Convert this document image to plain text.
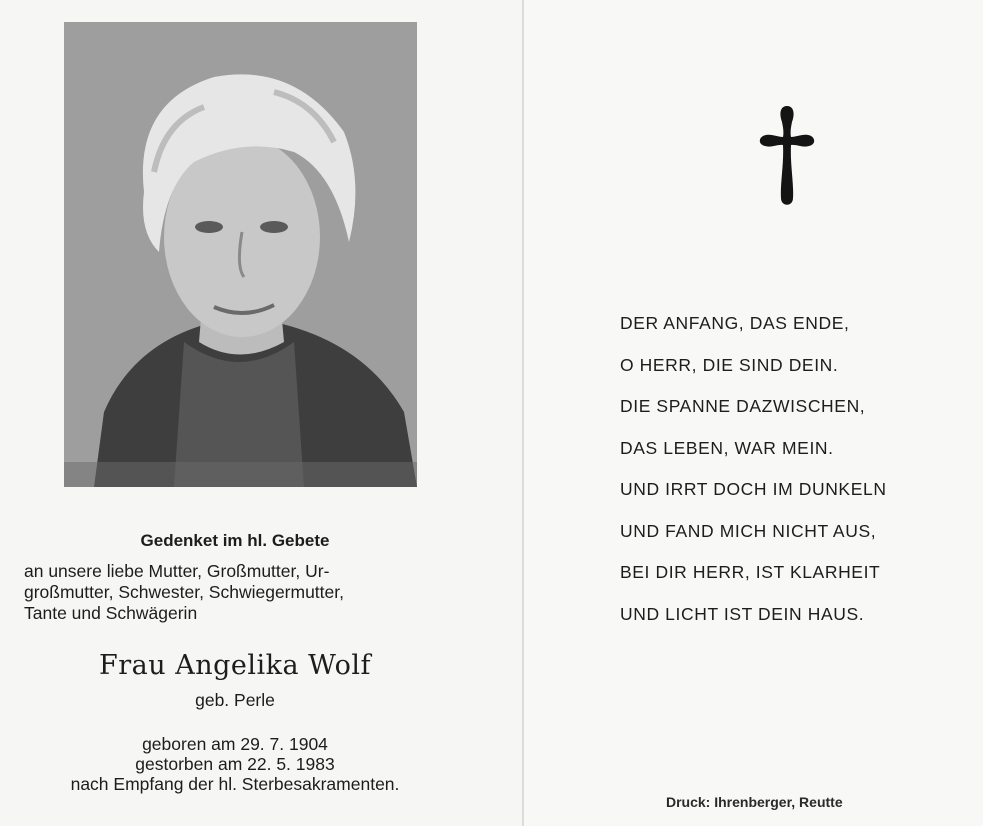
Gedenket im hl. Gebete
an unsere liebe Mutter, Großmutter, Ur-
großmutter, Schwester, Schwiegermutter,
Tante und Schwägerin
Frau Angelika Wolf
geb. Perle
geboren am 29. 7. 1904
gestorben am 22. 5. 1983
nach Empfang der hl. Sterbesakramenten.
DER ANFANG, DAS ENDE,
O HERR, DIE SIND DEIN.
DIE SPANNE DAZWISCHEN,
DAS LEBEN, WAR MEIN.
UND IRRT DOCH IM DUNKELN
UND FAND MICH NICHT AUS,
BEI DIR HERR, IST KLARHEIT
UND LICHT IST DEIN HAUS.
Druck: Ihrenberger, Reutte
